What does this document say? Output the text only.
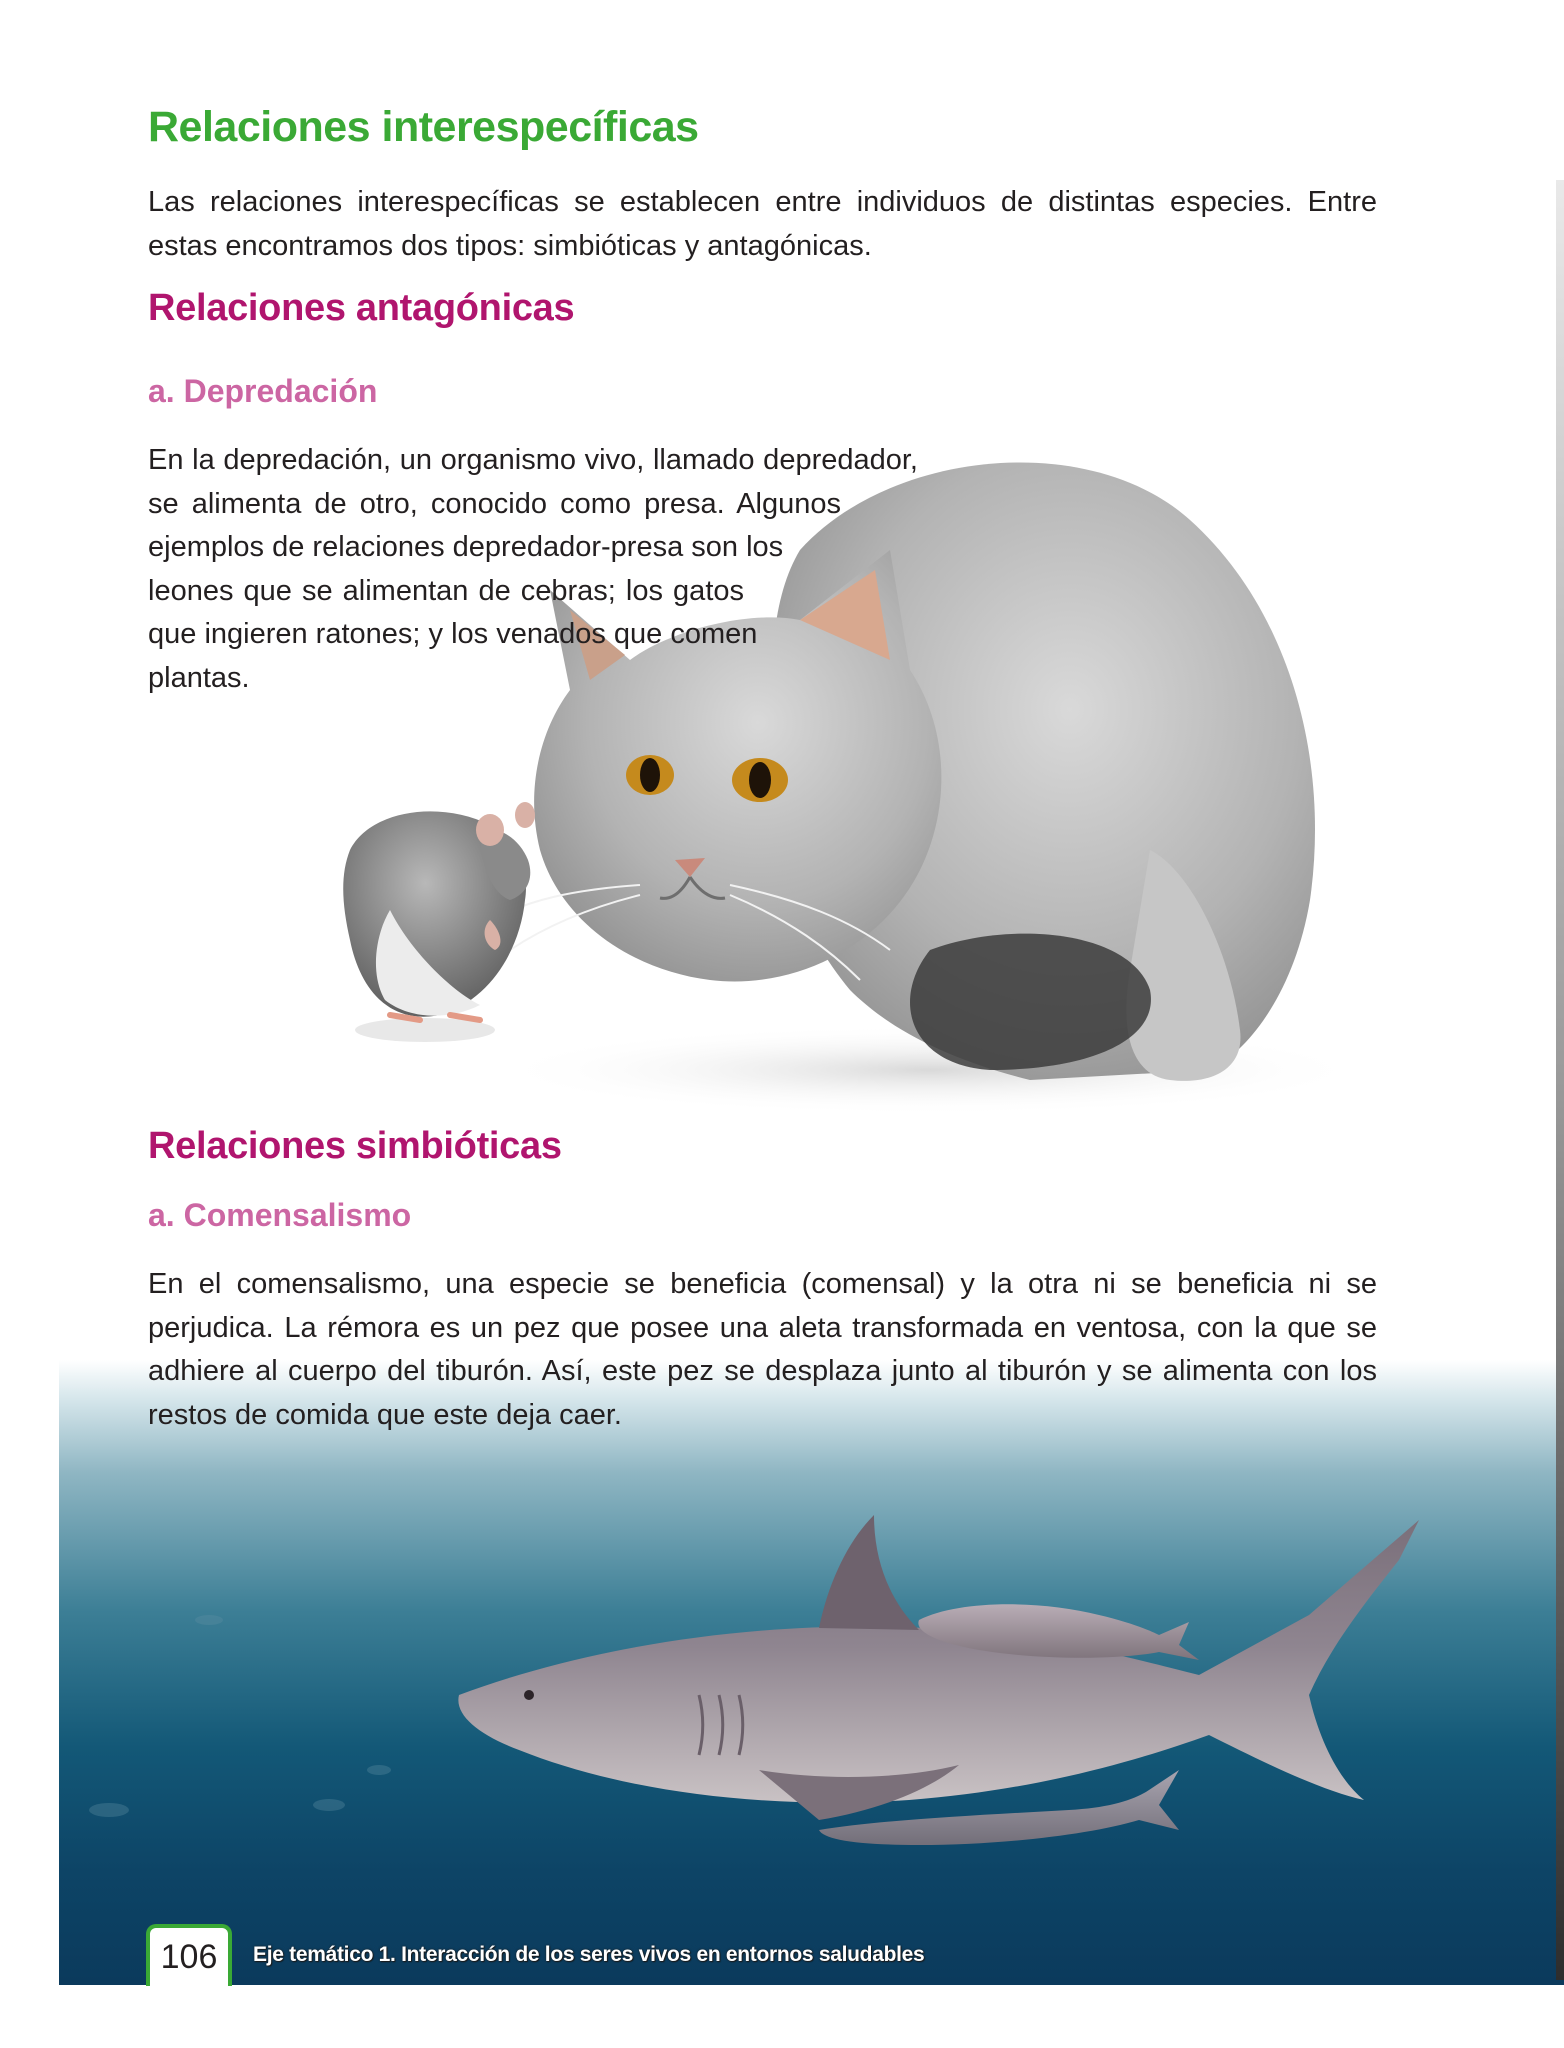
Relaciones interespecíficas

Las relaciones interespecíficas se establecen entre individuos de distintas especies. Entre estas encontramos dos tipos: simbióticas y antagónicas.

Relaciones antagónicas
a. Depredación

En la depredación, un organismo vivo, llamado depredador,
se alimenta de otro, conocido como presa. Algunos
ejemplos de relaciones depredador-presa son los
leones que se alimentan de cebras; los gatos
que ingieren ratones; y los venados que comen
plantas.

Relaciones simbióticas
a. Comensalismo

En el comensalismo, una especie se beneficia (comensal) y la otra ni se beneficia ni se perjudica. La rémora es un pez que posee una aleta transformada en ventosa, con la que se adhiere al cuerpo del tiburón. Así, este pez se desplaza junto al tiburón y se alimenta con los restos de comida que este deja caer.

106 Eje temático 1. Interacción de los seres vivos en entornos saludables
